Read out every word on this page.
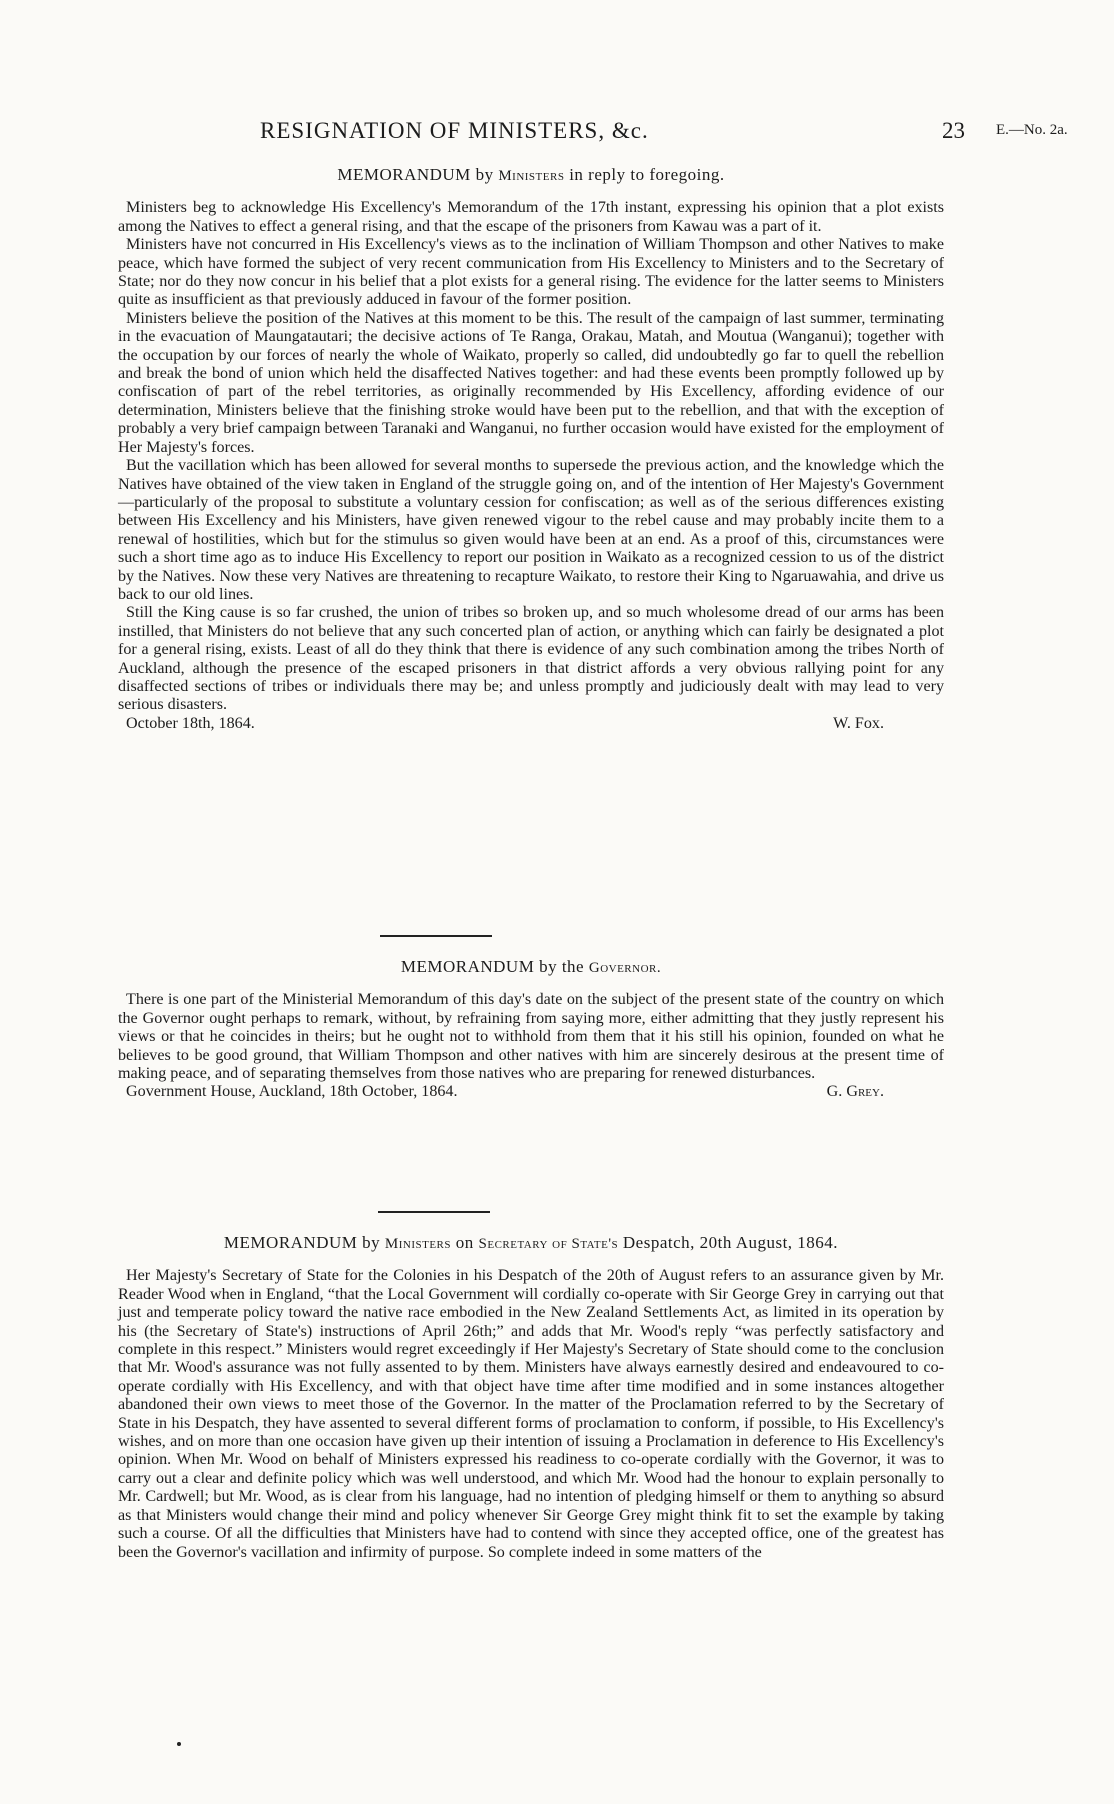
RESIGNATION OF MINISTERS, &c.	23 E.—No. 2a.
MEMORANDUM by Ministers in reply to foregoing.

Ministers beg to acknowledge His Excellency's Memorandum of the 17th instant, expressing his opinion that a plot exists among the Natives to effect a general rising, and that the escape of the prisoners from Kawau was a part of it.

Ministers have not concurred in His Excellency's views as to the inclination of William Thompson and other Natives to make peace, which have formed the subject of very recent communication from His Excellency to Ministers and to the Secretary of State; nor do they now concur in his belief that a plot exists for a general rising. The evidence for the latter seems to Ministers quite as insufficient as that previously adduced in favour of the former position.

Ministers believe the position of the Natives at this moment to be this. The result of the campaign of last summer, terminating in the evacuation of Maungatautari; the decisive actions of Te Ranga, Orakau, Matah, and Moutua (Wanganui); together with the occupation by our forces of nearly the whole of Waikato, properly so called, did undoubtedly go far to quell the rebellion and break the bond of union which held the disaffected Natives together: and had these events been promptly followed up by confiscation of part of the rebel territories, as originally recommended by His Excellency, affording evidence of our determination, Ministers believe that the finishing stroke would have been put to the rebellion, and that with the exception of probably a very brief campaign between Taranaki and Wanganui, no further occasion would have existed for the employment of Her Majesty's forces.

But the vacillation which has been allowed for several months to supersede the previous action, and the knowledge which the Natives have obtained of the view taken in England of the struggle going on, and of the intention of Her Majesty's Government—particularly of the proposal to substitute a voluntary cession for confiscation; as well as of the serious differences existing between His Excellency and his Ministers, have given renewed vigour to the rebel cause and may probably incite them to a renewal of hostilities, which but for the stimulus so given would have been at an end. As a proof of this, circumstances were such a short time ago as to induce His Excellency to report our position in Waikato as a recognized cession to us of the district by the Natives. Now these very Natives are threatening to recapture Waikato, to restore their King to Ngaruawahia, and drive us back to our old lines.

Still the King cause is so far crushed, the union of tribes so broken up, and so much wholesome dread of our arms has been instilled, that Ministers do not believe that any such concerted plan of action, or anything which can fairly be designated a plot for a general rising, exists. Least of all do they think that there is evidence of any such combination among the tribes North of Auckland, although the presence of the escaped prisoners in that district affords a very obvious rallying point for any disaffected sections of tribes or individuals there may be; and unless promptly and judiciously dealt with may lead to very serious disasters.

October 18th, 1864.	W. Fox.
MEMORANDUM by the Governor.

There is one part of the Ministerial Memorandum of this day's date on the subject of the present state of the country on which the Governor ought perhaps to remark, without, by refraining from saying more, either admitting that they justly represent his views or that he coincides in theirs; but he ought not to withhold from them that it his still his opinion, founded on what he believes to be good ground, that William Thompson and other natives with him are sincerely desirous at the present time of making peace, and of separating themselves from those natives who are preparing for renewed disturbances.

Government House, Auckland, 18th October, 1864.	G. Grey.
MEMORANDUM by Ministers on Secretary of State's Despatch, 20th August, 1864.

Her Majesty's Secretary of State for the Colonies in his Despatch of the 20th of August refers to an assurance given by Mr. Reader Wood when in England, “that the Local Government will cordially co-operate with Sir George Grey in carrying out that just and temperate policy toward the native race embodied in the New Zealand Settlements Act, as limited in its operation by his (the Secretary of State's) instructions of April 26th;” and adds that Mr. Wood's reply “was perfectly satisfactory and complete in this respect.” Ministers would regret exceedingly if Her Majesty's Secretary of State should come to the conclusion that Mr. Wood's assurance was not fully assented to by them. Ministers have always earnestly desired and endeavoured to co-operate cordially with His Excellency, and with that object have time after time modified and in some instances altogether abandoned their own views to meet those of the Governor. In the matter of the Proclamation referred to by the Secretary of State in his Despatch, they have assented to several different forms of proclamation to conform, if possible, to His Excellency's wishes, and on more than one occasion have given up their intention of issuing a Proclamation in deference to His Excellency's opinion. When Mr. Wood on behalf of Ministers expressed his readiness to co-operate cordially with the Governor, it was to carry out a clear and definite policy which was well understood, and which Mr. Wood had the honour to explain personally to Mr. Cardwell; but Mr. Wood, as is clear from his language, had no intention of pledging himself or them to anything so absurd as that Ministers would change their mind and policy whenever Sir George Grey might think fit to set the example by taking such a course. Of all the difficulties that Ministers have had to contend with since they accepted office, one of the greatest has been the Governor's vacillation and infirmity of purpose. So complete indeed in some matters of the
